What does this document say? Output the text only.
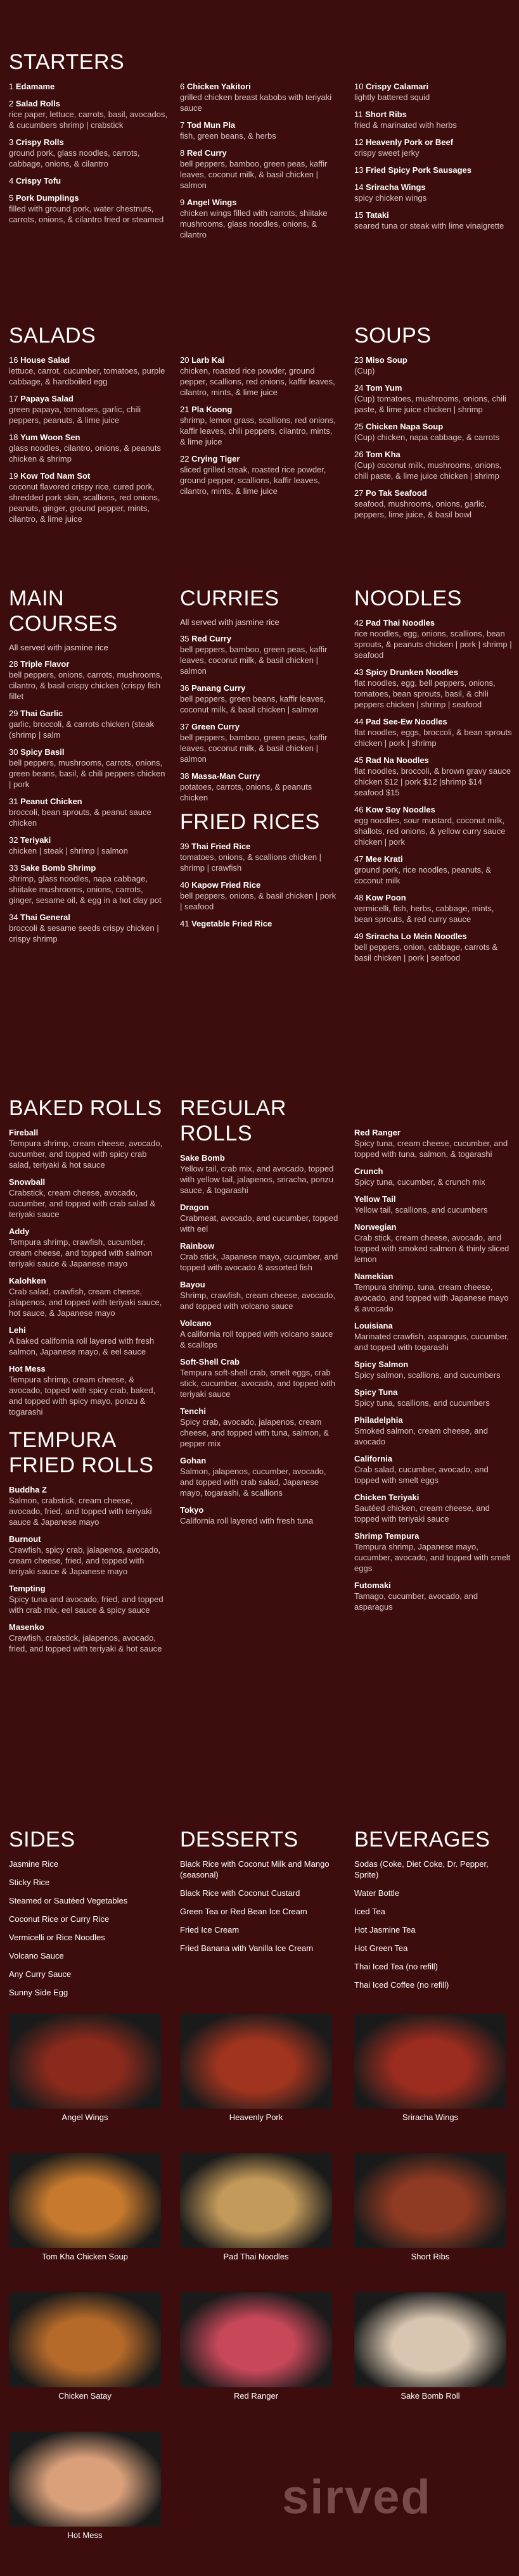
STARTERS
1 Edamame
2 Salad Rolls
rice paper, lettuce, carrots, basil, avocados, & cucumbers shrimp | crabstick
3 Crispy Rolls
ground pork, glass noodles, carrots, cabbage, onions, & cilantro
4 Crispy Tofu
5 Pork Dumplings
filled with ground pork, water chestnuts, carrots, onions, & cilantro fried or steamed
6 Chicken Yakitori
grilled chicken breast kabobs with teriyaki sauce
7 Tod Mun Pla
fish, green beans, & herbs
8 Red Curry
bell peppers, bamboo, green peas, kaffir leaves, coconut milk, & basil chicken | salmon
9 Angel Wings
chicken wings filled with carrots, shiitake mushrooms, glass noodles, onions, & cilantro
10 Crispy Calamari
lightly battered squid
11 Short Ribs
fried & marinated with herbs
12 Heavenly Pork or Beef
crispy sweet jerky
13 Fried Spicy Pork Sausages
14 Sriracha Wings
spicy chicken wings
15 Tataki
seared tuna or steak with lime vinaigrette
SALADS
16 House Salad
lettuce, carrot, cucumber, tomatoes, purple cabbage, & hardboiled egg
17 Papaya Salad
green papaya, tomatoes, garlic, chili peppers, peanuts, & lime juice
18 Yum Woon Sen
glass noodles, cilantro, onions, & peanuts chicken & shrimp
19 Kow Tod Nam Sot
coconut flavored crispy rice, cured pork, shredded pork skin, scallions, red onions, peanuts, ginger, ground pepper, mints, cilantro, & lime juice
20 Larb Kai
chicken, roasted rice powder, ground pepper, scallions, red onions, kaffir leaves, cilantro, mints, & lime juice
21 Pla Koong
shrimp, lemon grass, scallions, red onions, kaffir leaves, chili peppers, cilantro, mints, & lime juice
22 Crying Tiger
sliced grilled steak, roasted rice powder, ground pepper, scallions, kaffir leaves, cilantro, mints, & lime juice
SOUPS
23 Miso Soup
(Cup)
24 Tom Yum
(Cup) tomatoes, mushrooms, onions, chili paste, & lime juice chicken | shrimp
25 Chicken Napa Soup
(Cup) chicken, napa cabbage, & carrots
26 Tom Kha
(Cup) coconut milk, mushrooms, onions, chili paste, & lime juice chicken | shrimp
27 Po Tak Seafood
seafood, mushrooms, onions, garlic, peppers, lime juice, & basil bowl
MAIN COURSES
All served with jasmine rice
28 Triple Flavor
bell peppers, onions, carrots, mushrooms, cilantro, & basil crispy chicken (crispy fish fillet
29 Thai Garlic
garlic, broccoli, & carrots chicken (steak (shrimp | salm
30 Spicy Basil
bell peppers, mushrooms, carrots, onions, green beans, basil, & chili peppers chicken | pork
31 Peanut Chicken
broccoli, bean sprouts, & peanut sauce chicken
32 Teriyaki
chicken | steak | shrimp | salmon
33 Sake Bomb Shrimp
shrimp, glass noodles, napa cabbage, shiitake mushrooms, onions, carrots, ginger, sesame oil, & egg in a hot clay pot
34 Thai General
broccoli & sesame seeds crispy chicken | crispy shrimp
CURRIES
All served with jasmine rice
35 Red Curry
bell peppers, bamboo, green peas, kaffir leaves, coconut milk, & basil chicken | salmon
36 Panang Curry
bell peppers, green beans, kaffir leaves, coconut milk, & basil chicken | salmon
37 Green Curry
bell peppers, bamboo, green peas, kaffir leaves, coconut milk, & basil chicken | salmon
38 Massa-Man Curry
potatoes, carrots, onions, & peanuts chicken
FRIED RICES
39 Thai Fried Rice
tomatoes, onions, & scallions chicken | shrimp | crawfish
40 Kapow Fried Rice
bell peppers, onions, & basil chicken | pork | seafood
41 Vegetable Fried Rice
NOODLES
42 Pad Thai Noodles
rice noodles, egg, onions, scallions, bean sprouts, & peanuts chicken | pork | shrimp | seafood
43 Spicy Drunken Noodles
flat noodles, egg, bell peppers, onions, tomatoes, bean sprouts, basil, & chili peppers chicken | shrimp | seafood
44 Pad See-Ew Noodles
flat noodles, eggs, broccoli, & bean sprouts chicken | pork | shrimp
45 Rad Na Noodles
flat noodles, broccoli, & brown gravy sauce chicken $12 | pork $12 |shrimp $14 seafood $15
46 Kow Soy Noodles
egg noodles, sour mustard, coconut milk, shallots, red onions, & yellow curry sauce chicken | pork
47 Mee Krati
ground pork, rice noodles, peanuts, & coconut milk
48 Kow Poon
vermicelli, fish, herbs, cabbage, mints, bean sprouts, & red curry sauce
49 Sriracha Lo Mein Noodles
bell peppers, onion, cabbage, carrots & basil chicken | pork | seafood
BAKED ROLLS
Fireball
Tempura shrimp, cream cheese, avocado, cucumber, and topped with spicy crab salad, teriyaki & hot sauce
Snowball
Crabstick, cream cheese, avocado, cucumber, and topped with crab salad & teriyaki sauce
Addy
Tempura shrimp, crawfish, cucumber, cream cheese, and topped with salmon teriyaki sauce & Japanese mayo
Kalohken
Crab salad, crawfish, cream cheese, jalapenos, and topped with teriyaki sauce, hot sauce, & Japanese mayo
Lehi
A baked california roll layered with fresh salmon, Japanese mayo, & eel sauce
Hot Mess
Tempura shrimp, cream cheese, & avocado, topped with spicy crab, baked, and topped with spicy mayo, ponzu & togarashi
TEMPURA FRIED ROLLS
Buddha Z
Salmon, crabstick, cream cheese, avocado, fried, and topped with teriyaki sauce & Japanese mayo
Burnout
Crawfish, spicy crab, jalapenos, avocado, cream cheese, fried, and topped with teriyaki sauce & Japanese mayo
Tempting
Spicy tuna and avocado, fried, and topped with crab mix, eel sauce & spicy sauce
Masenko
Crawfish, crabstick, jalapenos, avocado, fried, and topped with teriyaki & hot sauce
REGULAR ROLLS
Sake Bomb
Yellow tail, crab mix, and avocado, topped with yellow tail, jalapenos, sriracha, ponzu sauce, & togarashi
Dragon
Crabmeat, avocado, and cucumber, topped with eel
Rainbow
Crab stick, Japanese mayo, cucumber, and topped with avocado & assorted fish
Bayou
Shrimp, crawfish, cream cheese, avocado, and topped with volcano sauce
Volcano
A california roll topped with volcano sauce & scallops
Soft-Shell Crab
Tempura soft-shell crab, smelt eggs, crab stick, cucumber, avocado, and topped with teriyaki sauce
Tenchi
Spicy crab, avocado, jalapenos, cream cheese, and topped with tuna, salmon, & pepper mix
Gohan
Salmon, jalapenos, cucumber, avocado, and topped with crab salad, Japanese mayo, togarashi, & scallions
Tokyo
California roll layered with fresh tuna
Red Ranger
Spicy tuna, cream cheese, cucumber, and topped with tuna, salmon, & togarashi
Crunch
Spicy tuna, cucumber, & crunch mix
Yellow Tail
Yellow tail, scallions, and cucumbers
Norwegian
Crab stick, cream cheese, avocado, and topped with smoked salmon & thinly sliced lemon
Namekian
Tempura shrimp, tuna, cream cheese, avocado, and topped with Japanese mayo & avocado
Louisiana
Marinated crawfish, asparagus, cucumber, and topped with togarashi
Spicy Salmon
Spicy salmon, scallions, and cucumbers
Spicy Tuna
Spicy tuna, scallions, and cucumbers
Philadelphia
Smoked salmon, cream cheese, and avocado
California
Crab salad, cucumber, avocado, and topped with smelt eggs
Chicken Teriyaki
Sautéed chicken, cream cheese, and topped with teriyaki sauce
Shrimp Tempura
Tempura shrimp, Japanese mayo, cucumber, avocado, and topped with smelt eggs
Futomaki
Tamago, cucumber, avocado, and asparagus
SIDES
Jasmine Rice
Sticky Rice
Steamed or Sautéed Vegetables
Coconut Rice or Curry Rice
Vermicelli or Rice Noodles
Volcano Sauce
Any Curry Sauce
Sunny Side Egg
DESSERTS
Black Rice with Coconut Milk and Mango (seasonal)
Black Rice with Coconut Custard
Green Tea or Red Bean Ice Cream
Fried Ice Cream
Fried Banana with Vanilla Ice Cream
BEVERAGES
Sodas (Coke, Diet Coke, Dr. Pepper, Sprite)
Water Bottle
Iced Tea
Hot Jasmine Tea
Hot Green Tea
Thai Iced Tea (no refill)
Thai Iced Coffee (no refill)
Angel Wings	Heavenly Pork	Sriracha Wings
Tom Kha Chicken Soup	Pad Thai Noodles	Short Ribs
Chicken Satay	Red Ranger	Sake Bomb Roll
Hot Mess
sirved
